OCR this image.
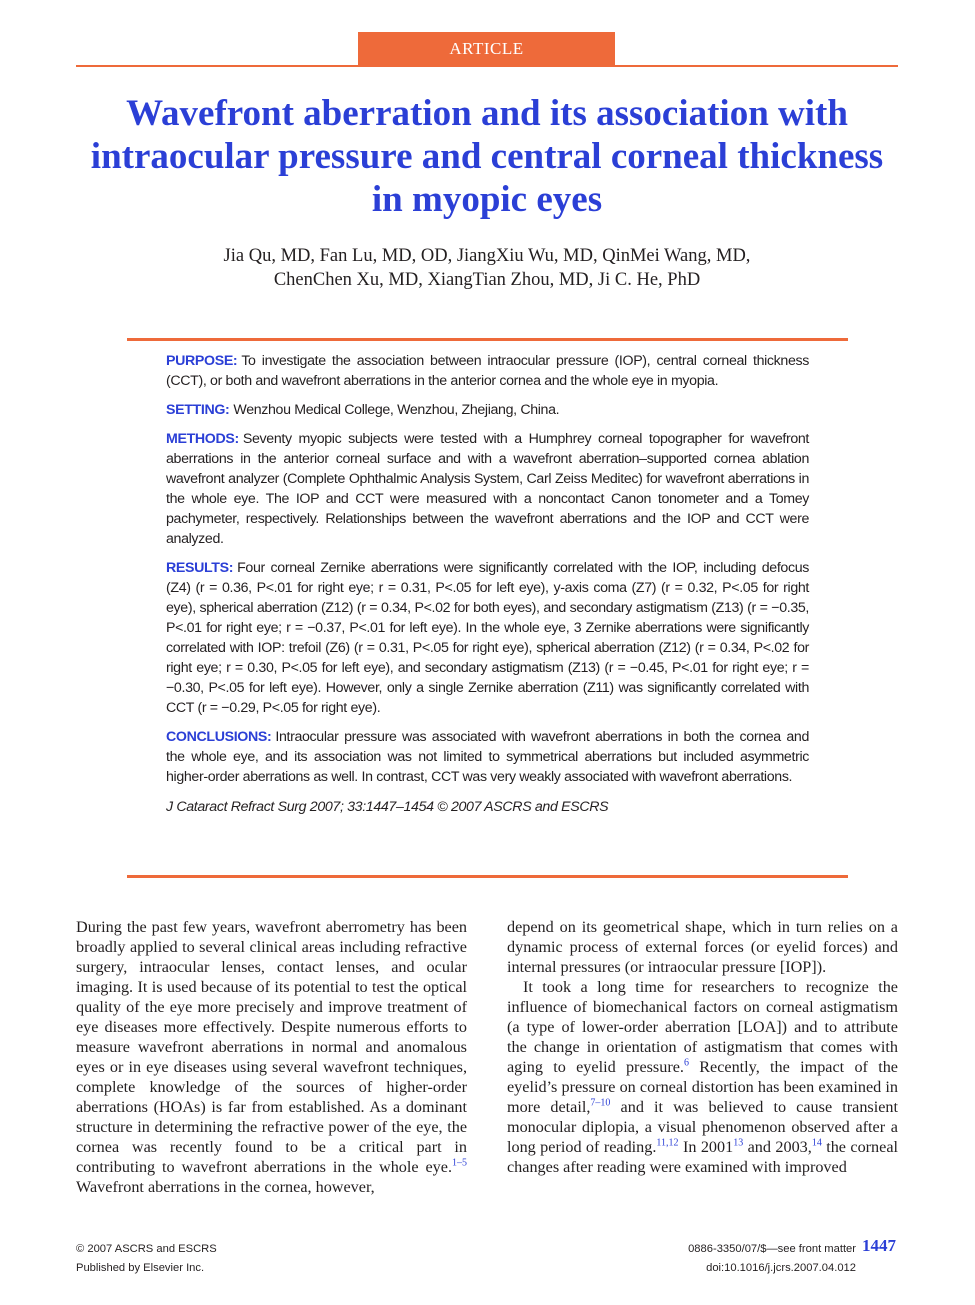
ARTICLE
Wavefront aberration and its association with intraocular pressure and central corneal thickness in myopic eyes
Jia Qu, MD, Fan Lu, MD, OD, JiangXiu Wu, MD, QinMei Wang, MD,
ChenChen Xu, MD, XiangTian Zhou, MD, Ji C. He, PhD

PURPOSE: To investigate the association between intraocular pressure (IOP), central corneal thickness (CCT), or both and wavefront aberrations in the anterior cornea and the whole eye in myopia.

SETTING: Wenzhou Medical College, Wenzhou, Zhejiang, China.

METHODS: Seventy myopic subjects were tested with a Humphrey corneal topographer for wavefront aberrations in the anterior corneal surface and with a wavefront aberration–supported cornea ablation wavefront analyzer (Complete Ophthalmic Analysis System, Carl Zeiss Meditec) for wavefront aberrations in the whole eye. The IOP and CCT were measured with a noncontact Canon tonometer and a Tomey pachymeter, respectively. Relationships between the wavefront aberrations and the IOP and CCT were analyzed.

RESULTS: Four corneal Zernike aberrations were significantly correlated with the IOP, including defocus (Z4) (r = 0.36, P<.01 for right eye; r = 0.31, P<.05 for left eye), y-axis coma (Z7) (r = 0.32, P<.05 for right eye), spherical aberration (Z12) (r = 0.34, P<.02 for both eyes), and secondary astigmatism (Z13) (r = −0.35, P<.01 for right eye; r = −0.37, P<.01 for left eye). In the whole eye, 3 Zernike aberrations were significantly correlated with IOP: trefoil (Z6) (r = 0.31, P<.05 for right eye), spherical aberration (Z12) (r = 0.34, P<.02 for right eye; r = 0.30, P<.05 for left eye), and secondary astigmatism (Z13) (r = −0.45, P<.01 for right eye; r = −0.30, P<.05 for left eye). However, only a single Zernike aberration (Z11) was significantly correlated with CCT (r = −0.29, P<.05 for right eye).

CONCLUSIONS: Intraocular pressure was associated with wavefront aberrations in both the cornea and the whole eye, and its association was not limited to symmetrical aberrations but included asymmetric higher-order aberrations as well. In contrast, CCT was very weakly associated with wavefront aberrations.

J Cataract Refract Surg 2007; 33:1447–1454 © 2007 ASCRS and ESCRS

During the past few years, wavefront aberrometry has been broadly applied to several clinical areas including refractive surgery, intraocular lenses, contact lenses, and ocular imaging. It is used because of its potential to test the optical quality of the eye more precisely and improve treatment of eye diseases more effectively. Despite numerous efforts to measure wavefront aberrations in normal and anomalous eyes or in eye diseases using several wavefront techniques, complete knowledge of the sources of higher-order aberrations (HOAs) is far from established. As a dominant structure in determining the refractive power of the eye, the cornea was recently found to be a critical part in contributing to wavefront aberrations in the whole eye.$^{1-5}$ Wavefront aberrations in the cornea, however,

depend on its geometrical shape, which in turn relies on a dynamic process of external forces (or eyelid forces) and internal pressures (or intraocular pressure [IOP]).

It took a long time for researchers to recognize the influence of biomechanical factors on corneal astigmatism (a type of lower-order aberration [LOA]) and to attribute the change in orientation of astigmatism that comes with aging to eyelid pressure.$^6$ Recently, the impact of the eyelid’s pressure on corneal distortion has been examined in more detail,$^{7-10}$ and it was believed to cause transient monocular diplopia, a visual phenomenon observed after a long period of reading.$^{11,12}$ In 2001$^{13}$ and 2003,14 the corneal changes after reading were examined with improved

© 2007 ASCRS and ESCRS
Published by Elsevier Inc.
0886-3350/07/$—see front matter
doi:10.1016/j.jcrs.2007.04.012
1447
